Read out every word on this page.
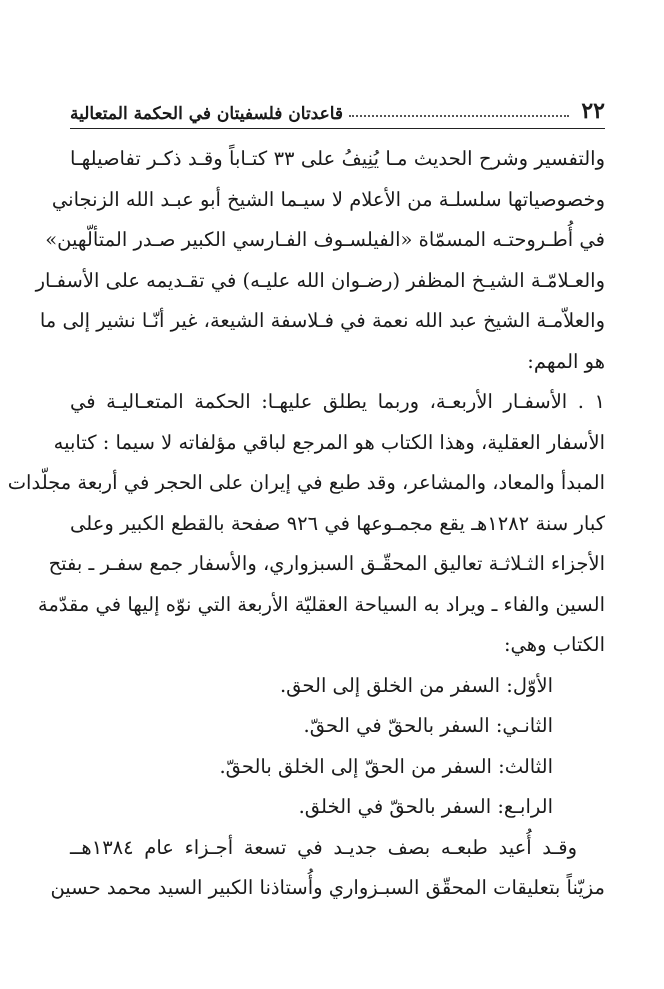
٢٢
قاعدتان فلسفيتان في الحكمة المتعالية
والتفسير وشرح الحديث مـا يُنِيفُ على ٣٣ كتـاباً وقـد ذكـر تفاصيلهـا
وخصوصياتها سلسلـة من الأعلام لا سيـما الشيخ أبو عبـد الله الزنجاني
في أُطـروحتـه المسمّاة «الفيلسـوف الفـارسي الكبير صـدر المتألّهين»
والعـلامّـة الشيـخ المظفر (رضـوان الله عليـه) في تقـديمه على الأسفـار
والعلاّمـة الشيخ عبد الله نعمة في فـلاسفة الشيعة، غير أنّـا نشير إلى ما
هو المهم:
١ . الأسفـار الأربعـة، وربما يطلق عليهـا: الحكمة المتعـاليـة في
الأسفار العقلية، وهذا الكتاب هو المرجع لباقي مؤلفاته لا سيما : كتابيه
المبدأ والمعاد، والمشاعر، وقد طبع في إيران على الحجر في أربعة مجلّدات
كبار سنة ١٢٨٢هـ يقع مجمـوعها في ٩٢٦ صفحة بالقطع الكبير وعلى
الأجزاء الثـلاثـة تعاليق المحقّـق السبزواري، والأسفار جمع سفـر ـ بفتح
السين والفاء ـ ويراد به السياحة العقليّة الأربعة التي نوّه إليها في مقدّمة
الكتاب وهي:
الأوّل: السفر من الخلق إلى الحق.
الثانـي: السفر بالحقّ في الحقّ.
الثالث: السفر من الحقّ إلى الخلق بالحقّ.
الرابـع: السفر بالحقّ في الخلق.
وقـد أُعيد طبعـه بصف جديـد في تسعة أجـزاء عام ١٣٨٤هــ
مزيّناً بتعليقات المحقّق السبـزواري وأُستاذنا الكبير السيد محمد حسين
